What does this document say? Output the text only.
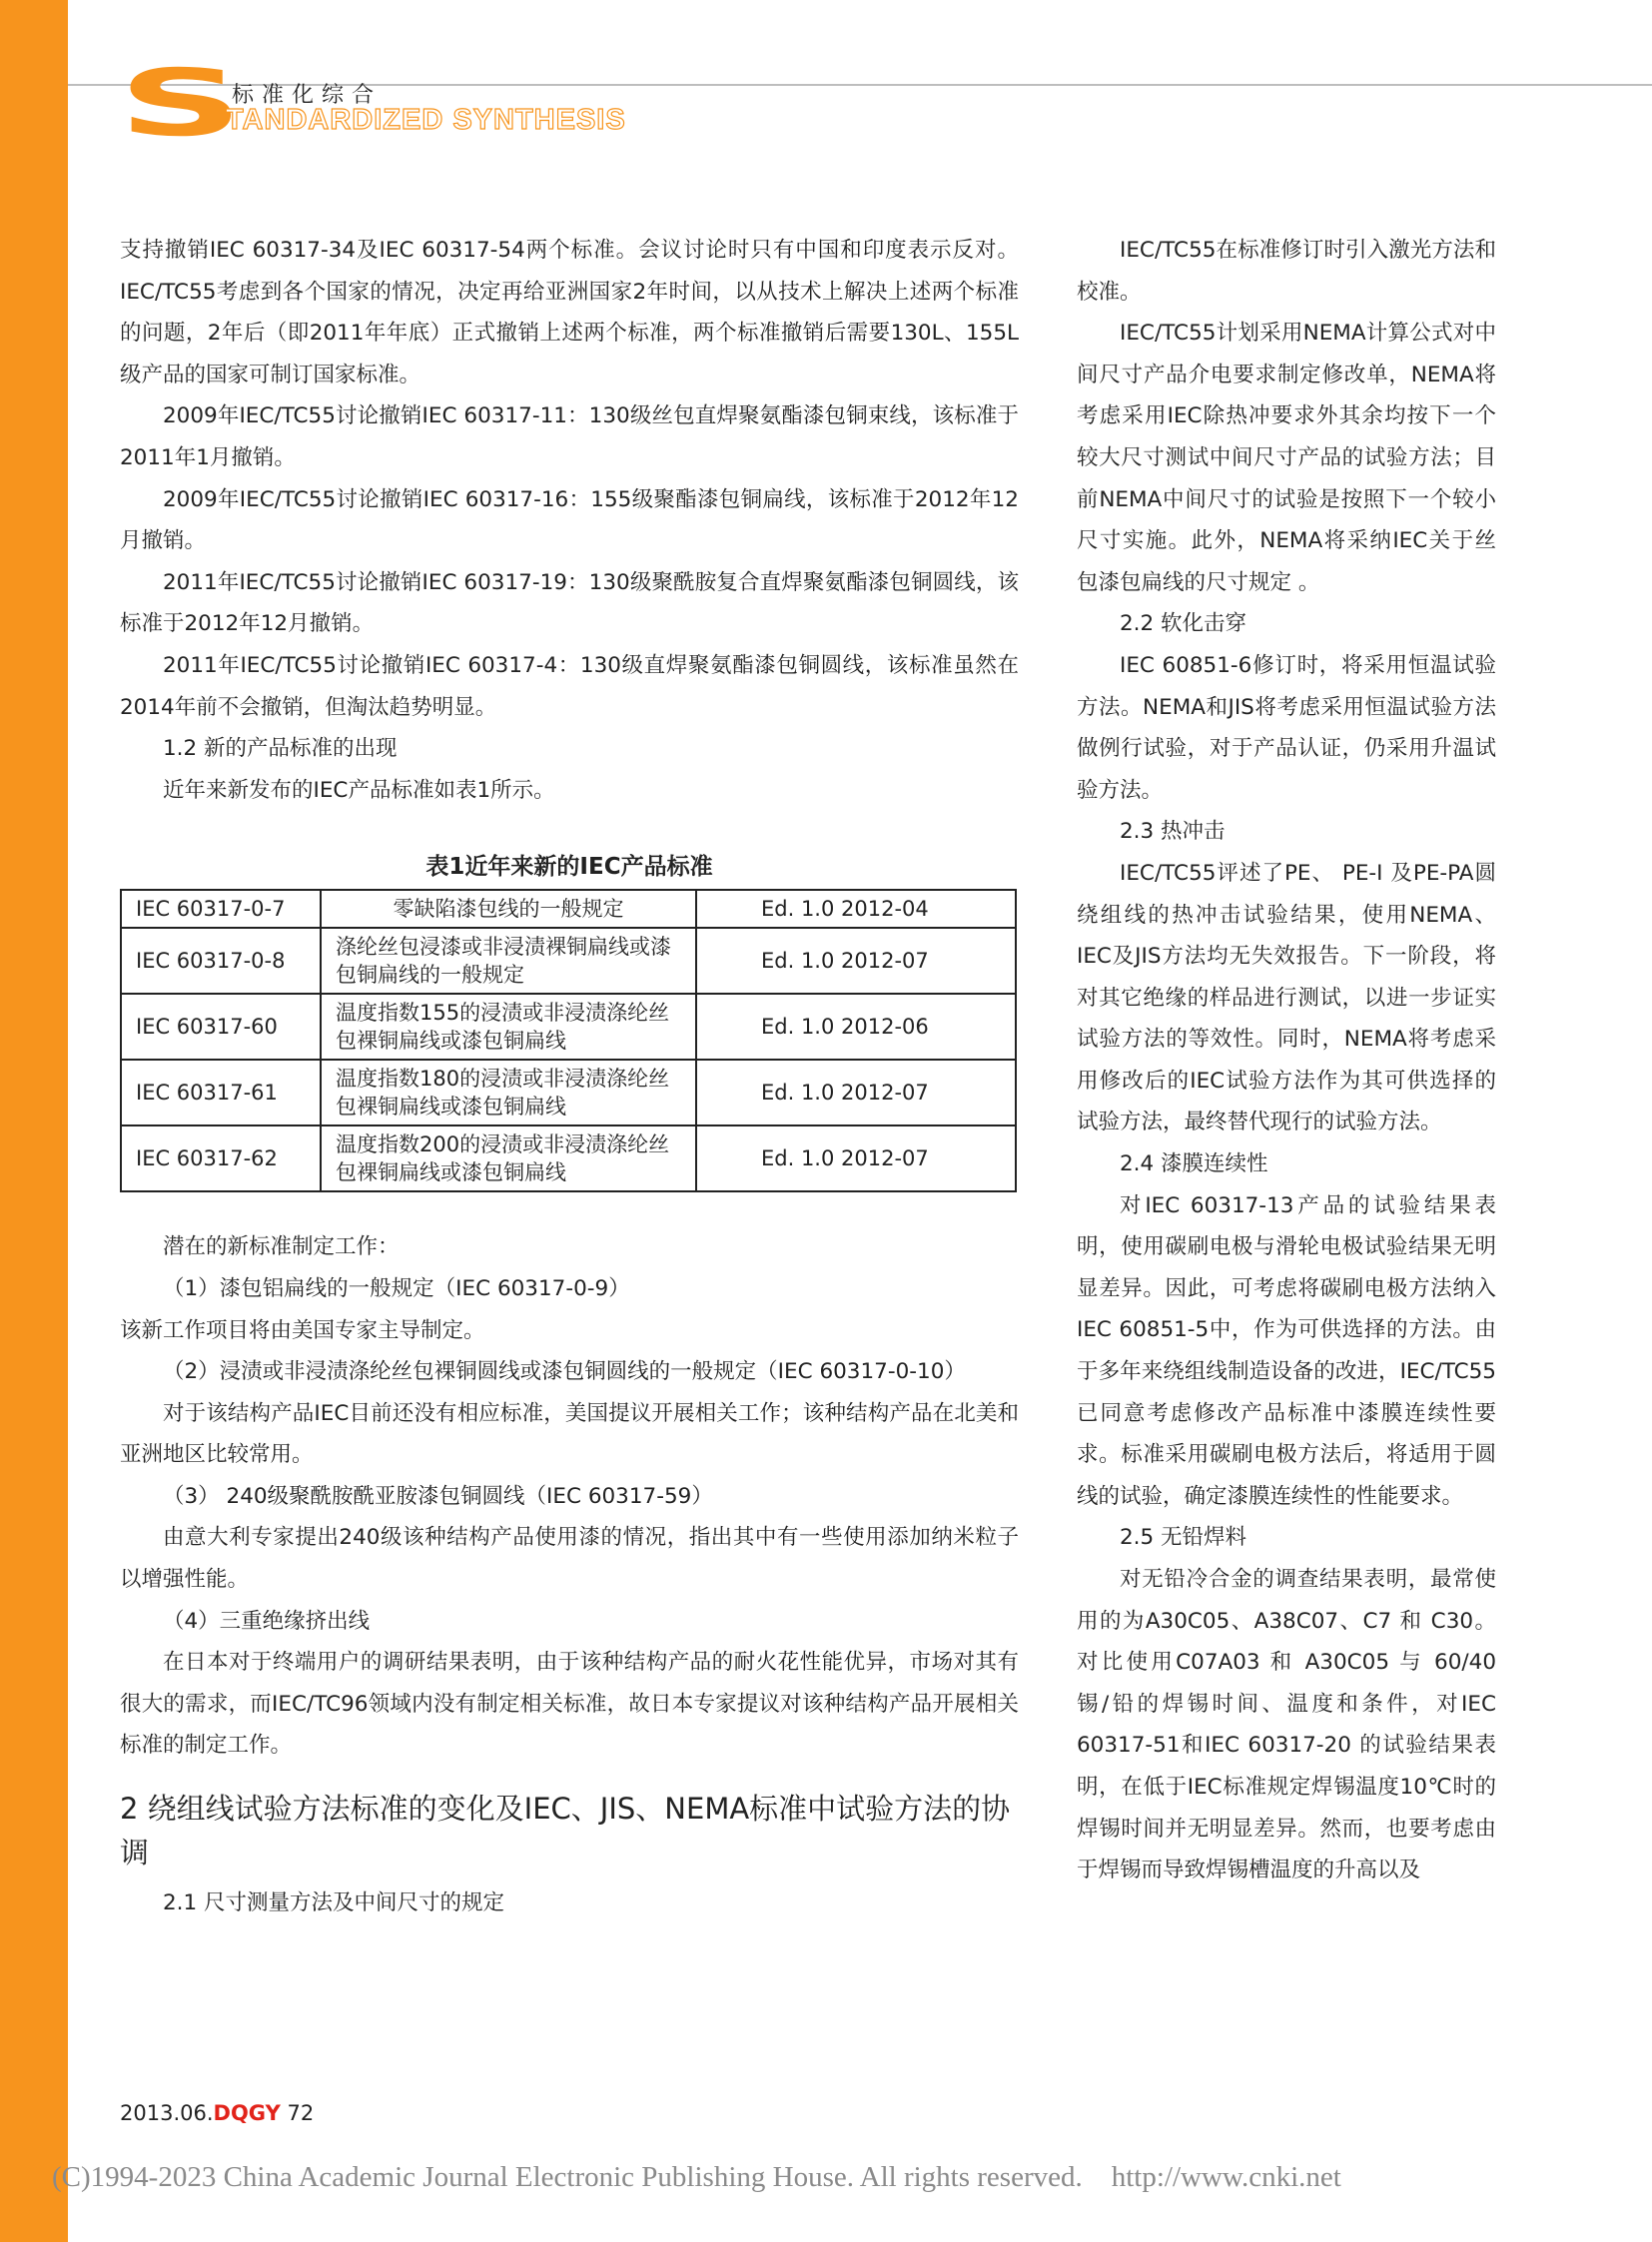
S
标准化综合
TANDARDIZED SYNTHESIS

支持撤销IEC 60317-34及IEC 60317-54两个标准。会议讨论时只有中国和印度表示反对。IEC/TC55考虑到各个国家的情况，决定再给亚洲国家2年时间，以从技术上解决上述两个标准的问题，2年后（即2011年年底）正式撤销上述两个标准，两个标准撤销后需要130L、155L级产品的国家可制订国家标准。

2009年IEC/TC55讨论撤销IEC 60317-11：130级丝包直焊聚氨酯漆包铜束线，该标准于2011年1月撤销。

2009年IEC/TC55讨论撤销IEC 60317-16：155级聚酯漆包铜扁线，该标准于2012年12月撤销。

2011年IEC/TC55讨论撤销IEC 60317-19：130级聚酰胺复合直焊聚氨酯漆包铜圆线，该标准于2012年12月撤销。

2011年IEC/TC55讨论撤销IEC 60317-4：130级直焊聚氨酯漆包铜圆线，该标准虽然在2014年前不会撤销，但淘汰趋势明显。

1.2 新的产品标准的出现

近年来新发布的IEC产品标准如表1所示。

表1近年来新的IEC产品标准
IEC 60317-0-7	零缺陷漆包线的一般规定	Ed. 1.0 2012-04
IEC 60317-0-8	涤纶丝包浸漆或非浸渍裸铜扁线或漆包铜扁线的一般规定	Ed. 1.0 2012-07
IEC 60317-60	温度指数155的浸渍或非浸渍涤纶丝包裸铜扁线或漆包铜扁线	Ed. 1.0 2012-06
IEC 60317-61	温度指数180的浸渍或非浸渍涤纶丝包裸铜扁线或漆包铜扁线	Ed. 1.0 2012-07
IEC 60317-62	温度指数200的浸渍或非浸渍涤纶丝包裸铜扁线或漆包铜扁线	Ed. 1.0 2012-07

潜在的新标准制定工作：

（1）漆包铝扁线的一般规定（IEC 60317-0-9）

该新工作项目将由美国专家主导制定。

（2）浸渍或非浸渍涤纶丝包裸铜圆线或漆包铜圆线的一般规定（IEC 60317-0-10）

对于该结构产品IEC目前还没有相应标准，美国提议开展相关工作；该种结构产品在北美和亚洲地区比较常用。

（3） 240级聚酰胺酰亚胺漆包铜圆线（IEC 60317-59）

由意大利专家提出240级该种结构产品使用漆的情况，指出其中有一些使用添加纳米粒子以增强性能。

（4）三重绝缘挤出线

在日本对于终端用户的调研结果表明，由于该种结构产品的耐火花性能优异，市场对其有很大的需求，而IEC/TC96领域内没有制定相关标准，故日本专家提议对该种结构产品开展相关标准的制定工作。

2 绕组线试验方法标准的变化及IEC、JIS、NEMA标准中试验方法的协调

2.1 尺寸测量方法及中间尺寸的规定

IEC/TC55在标准修订时引入激光方法和校准。

IEC/TC55计划采用NEMA计算公式对中间尺寸产品介电要求制定修改单，NEMA将考虑采用IEC除热冲要求外其余均按下一个较大尺寸测试中间尺寸产品的试验方法；目前NEMA中间尺寸的试验是按照下一个较小尺寸实施。此外，NEMA将采纳IEC关于丝包漆包扁线的尺寸规定 。

2.2 软化击穿

IEC 60851-6修订时，将采用恒温试验方法。NEMA和JIS将考虑采用恒温试验方法做例行试验，对于产品认证，仍采用升温试验方法。

2.3 热冲击

IEC/TC55评述了PE、 PE-I 及PE-PA圆绕组线的热冲击试验结果，使用NEMA、IEC及JIS方法均无失效报告。下一阶段，将对其它绝缘的样品进行测试，以进一步证实试验方法的等效性。同时，NEMA将考虑采用修改后的IEC试验方法作为其可供选择的试验方法，最终替代现行的试验方法。

2.4 漆膜连续性

对IEC 60317-13产品的试验结果表明，使用碳刷电极与滑轮电极试验结果无明显差异。因此，可考虑将碳刷电极方法纳入IEC 60851-5中，作为可供选择的方法。由于多年来绕组线制造设备的改进，IEC/TC55已同意考虑修改产品标准中漆膜连续性要求。标准采用碳刷电极方法后，将适用于圆线的试验，确定漆膜连续性的性能要求。

2.5 无铅焊料

对无铅冷合金的调查结果表明，最常使用的为A30C05、A38C07、C7 和 C30。对比使用C07A03 和 A30C05 与 60/40 锡/铅的焊锡时间、温度和条件，对IEC 60317-51和IEC 60317-20 的试验结果表明，在低于IEC标准规定焊锡温度10℃时的焊锡时间并无明显差异。然而，也要考虑由于焊锡而导致焊锡槽温度的升高以及

2013.06.DQGY 72
(C)1994-2023 China Academic Journal Electronic Publishing House. All rights reserved.    http://www.cnki.net
